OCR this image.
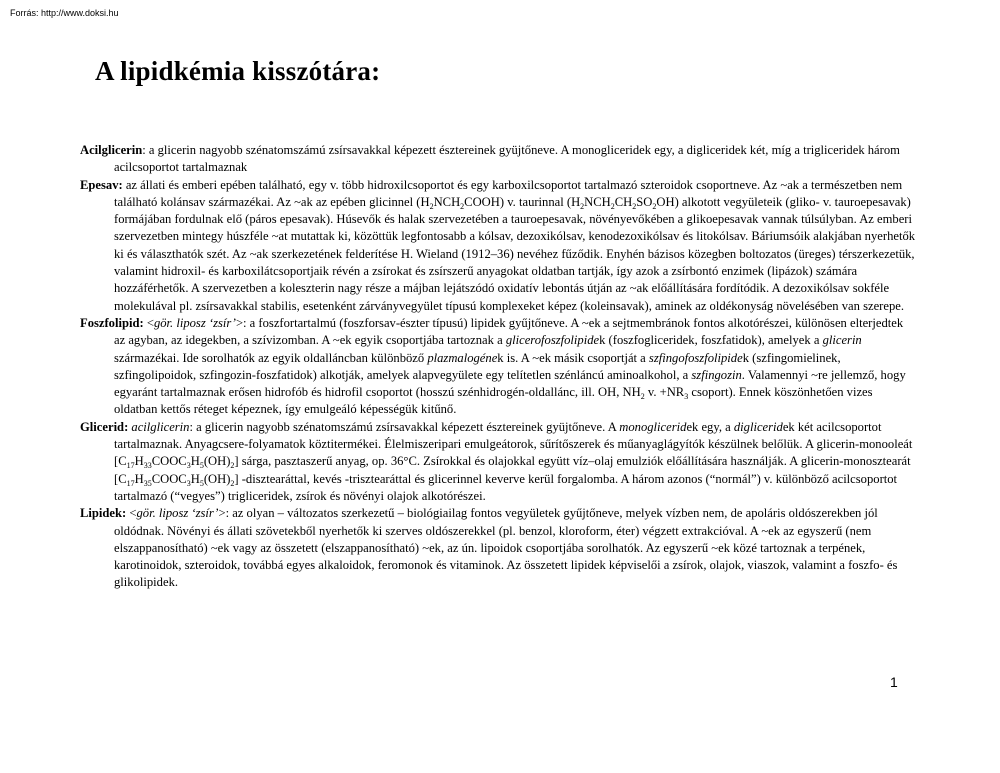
Forrás: http://www.doksi.hu
A lipidkémia kisszótára:

Acilglicerin: a glicerin nagyobb szénatomszámú zsírsavakkal képezett észtereinek gyüjtőneve. A monogliceridek egy, a digliceridek két, míg a trigliceridek három acilcsoportot tartalmaznak

Epesav: az állati és emberi epében található, egy v. több hidroxilcsoportot és egy karboxilcsoportot tartalmazó szteroidok csoportneve. Az ~ak a természetben nem található kolánsav származékai. Az ~ak az epében glicinnel $(H_2NCH_2COOH)$ v. taurinnal $(H_2NCH_2CH_2SO_2OH)$ alkotott vegyületeik (gliko- v. tauroepesavak) formájában fordulnak elő (páros epesavak). Húsevők és halak szervezetében a tauroepesavak, növényevőkében a glikoepesavak vannak túlsúlyban. Az emberi szervezetben mintegy húszféle ~at mutattak ki, közöttük legfontosabb a kólsav, dezoxikólsav, kenodezoxikólsav és litokólsav. Báriumsóik alakjában nyerhetők ki és választhatók szét. Az ~ak szerkezetének felderítése H. Wieland (1912–36) nevéhez fűződik. Enyhén bázisos közegben boltozatos (üreges) térszerkezetük, valamint hidroxil- és karboxilátcsoportjaik révén a zsírokat és zsírszerű anyagokat oldatban tartják, így azok a zsírbontó enzimek (lipázok) számára hozzáférhetők. A szervezetben a koleszterin nagy része a májban lejátszódó oxidatív lebontás útján az ~ak előállítására fordítódik. A dezoxikólsav sokféle molekulával pl. zsírsavakkal stabilis, esetenként zárványvegyület típusú komplexeket képez (koleinsavak), aminek az oldékonyság növelésében van szerepe.

Foszfolipid: <gör. liposz ‘zsír’>: a foszfortartalmú (foszforsav-észter típusú) lipidek gyűjtőneve. A ~ek a sejtmembránok fontos alkotórészei, különösen elterjedtek az agyban, az idegekben, a szívizomban. A ~ek egyik csoportjába tartoznak a glicerofoszfolipidek (foszfogliceridek, foszfatidok), amelyek a glicerin származékai. Ide sorolhatók az egyik oldalláncban különböző plazmalogének is. A ~ek másik csoportját a szfingofoszfolipidek (szfingomielinek, szfingolipoidok, szfingozin-foszfatidok) alkotják, amelyek alapvegyülete egy telítetlen szénláncú aminoalkohol, a szfingozin. Valamennyi ~re jellemző, hogy egyaránt tartalmaznak erősen hidrofób és hidrofil csoportot (hosszú szénhidrogén-oldallánc, ill. OH, $NH_2$ v. $+NR_3$ csoport). Ennek köszönhetően vizes oldatban kettős réteget képeznek, így emulgeáló képességük kitűnő.

Glicerid: acilglicerin: a glicerin nagyobb szénatomszámú zsírsavakkal képezett észtereinek gyüjtőneve. A monogliceridek egy, a digliceridek két acilcsoportot tartalmaznak. Anyagcsere-folyamatok köztitermékei. Élelmiszeripari emulgeátorok, sűrítőszerek és műanyaglágyítók készülnek belőlük. A glicerin-monooleát $[C_{17}H_{33}COOC_3H_5(OH)_2]$ sárga, pasztaszerű anyag, op. 36°C. Zsírokkal és olajokkal együtt víz–olaj emulziók előállítására használják. A glicerin-monosztearát $[C_{17}H_{35}COOC_3H_5(OH)_2]$ -disztearáttal, kevés -trisztearáttal és glicerinnel keverve kerül forgalomba. A három azonos (“normál”) v. különböző acilcsoportot tartalmazó (“vegyes”) trigliceridek, zsírok és növényi olajok alkotórészei.

Lipidek: <gör. liposz ‘zsír’>: az olyan – változatos szerkezetű – biológiailag fontos vegyületek gyűjtőneve, melyek vízben nem, de apoláris oldószerekben jól oldódnak. Növényi és állati szövetekből nyerhetők ki szerves oldószerekkel (pl. benzol, kloroform, éter) végzett extrakcióval. A ~ek az egyszerű (nem elszappanosítható) ~ek vagy az összetett (elszappanosítható) ~ek, az ún. lipoidok csoportjába sorolhatók. Az egyszerű ~ek közé tartoznak a terpének, karotinoidok, szteroidok, továbbá egyes alkaloidok, feromonok és vitaminok. Az összetett lipidek képviselői a zsírok, olajok, viaszok, valamint a foszfo- és glikolipidek.

1
